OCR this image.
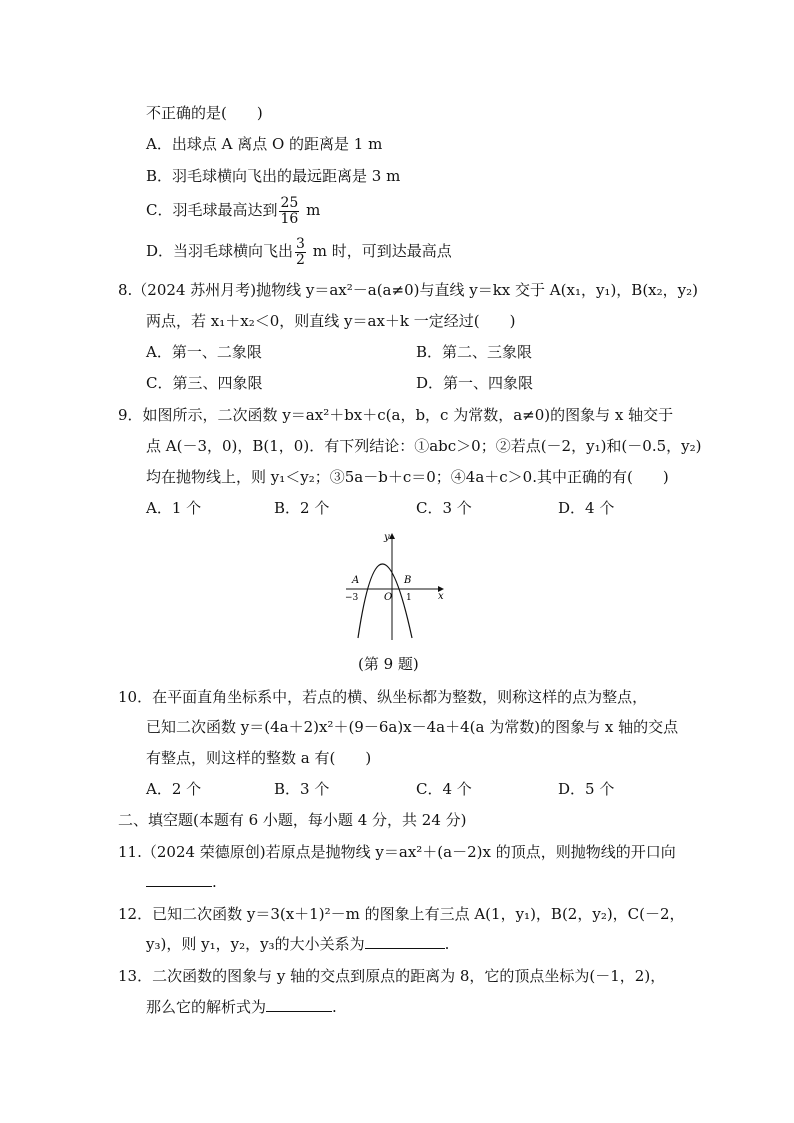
不正确的是(　　)
A．出球点 A 离点 O 的距离是 1 m
B．羽毛球横向飞出的最远距离是 3 m
C．羽毛球最高达到 $\frac{25}{16}$ m
D．当羽毛球横向飞出 $\frac{3}{2}$ m 时，可到达最高点
8.（2024 苏州月考)抛物线 y＝ax²－a(a≠0)与直线 y＝kx 交于 A(x₁，y₁)，B(x₂，y₂)
两点，若 x₁＋x₂＜0，则直线 y＝ax＋k 一定经过(　　)
A．第一、二象限	B．第二、三象限
C．第三、四象限	D．第一、四象限
9．如图所示，二次函数 y＝ax²＋bx＋c(a，b，c 为常数，a≠0)的图象与 x 轴交于
点 A(－3，0)，B(1，0)．有下列结论：①abc＞0；②若点(－2，y₁)和(－0.5，y₂)
均在抛物线上，则 y₁＜y₂；③5a－b＋c＝0；④4a＋c＞0.其中正确的有(　　)
A．1 个	B．2 个	C．3 个	D．4 个
y
x
A	B
O
−3	1
(第 9 题)
10．在平面直角坐标系中，若点的横、纵坐标都为整数，则称这样的点为整点，
已知二次函数 y＝(4a＋2)x²＋(9－6a)x－4a＋4(a 为常数)的图象与 x 轴的交点
有整点，则这样的整数 a 有(　　)
A．2 个	B．3 个	C．4 个	D．5 个
二、填空题(本题有 6 小题，每小题 4 分，共 24 分)
11.（2024 荣德原创)若原点是抛物线 y＝ax²＋(a－2)x 的顶点，则抛物线的开口向
.
12．已知二次函数 y＝3(x＋1)²－m 的图象上有三点 A(1，y₁)，B(2，y₂)，C(－2，
y₃)，则 y₁，y₂，y₃的大小关系为	.
13．二次函数的图象与 y 轴的交点到原点的距离为 8，它的顶点坐标为(－1，2)，
那么它的解析式为	.
